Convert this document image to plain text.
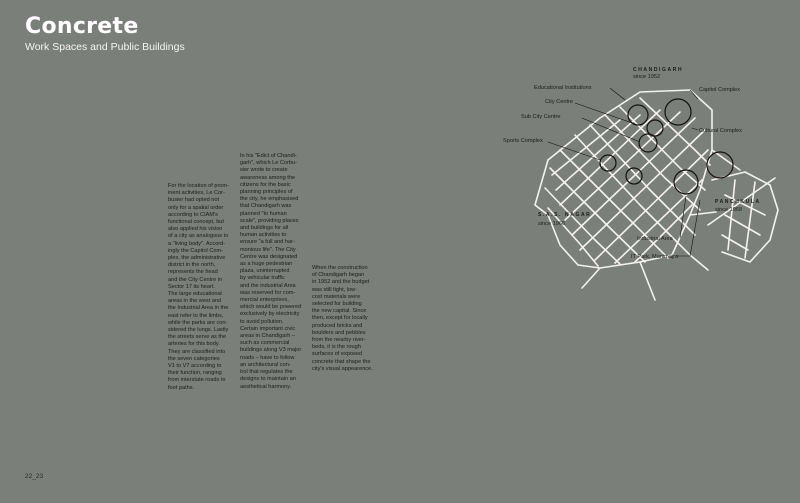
Concrete
Work Spaces and Public Buildings
For the location of prom-
inent activities, Le Cor-
busier had opted not
only for a spatial order
according to CIAM's
functional concept, but
also applied his vision
of a city as analogous to
a "living body". Accord-
ingly the Capitol Com-
plex, the administrative
district in the north,
represents the head
and the City Centre in
Sector 17 its heart.
The large educational
areas in the west and
the Industrial Area in the
east refer to the limbs,
while the parks are con-
sidered the lungs. Lastly
the streets serve as the
arteries for this body.
They are classified into
the seven categories
V1 to V7 according to
their function, ranging
from interstate roads to
foot paths.
In his "Edict of Chandi-
garh", which Le Corbu-
sier wrote to create
awareness among the
citizens for the basic
planning principles of
the city, he emphasised
that Chandigarh was
planned "to human
scale", providing places
and buildings for all
human activities to
ensure "a full and har-
monious life". The City
Centre was designated
as a huge pedestrian
plaza, uninterrupted
by vehicular traffic
and the industrial Area
was reserved for com-
mercial enterprises,
which would be powered
exclusively by electricity
to avoid pollution.
Certain important civic
areas in Chandigarh –
such as commercial
buildings along V3 major
roads – have to follow
an architectural con-
trol that regulates the
designs to maintain an
aesthetical harmony.
When the construction
of Chandigarh began
in 1952 and the budget
was still tight, low-
cost materials were
selected for building
the new capital. Since
then, except for locally
produced bricks and
boulders and pebbles
from the nearby river-
beds, it is the rough
surfaces of exposed
concrete that shape the
city's visual appearence.
22_23
CHANDIGARH
since 1952
S.A.S. NAGAR
since 1966
PANCHKULA
since 1968
Educational Institutions
City Centre
Sub City Centre
Sports Complex
Capitol Complex
Cultural Complex
Industrial Area
IT Park, Manimajra
